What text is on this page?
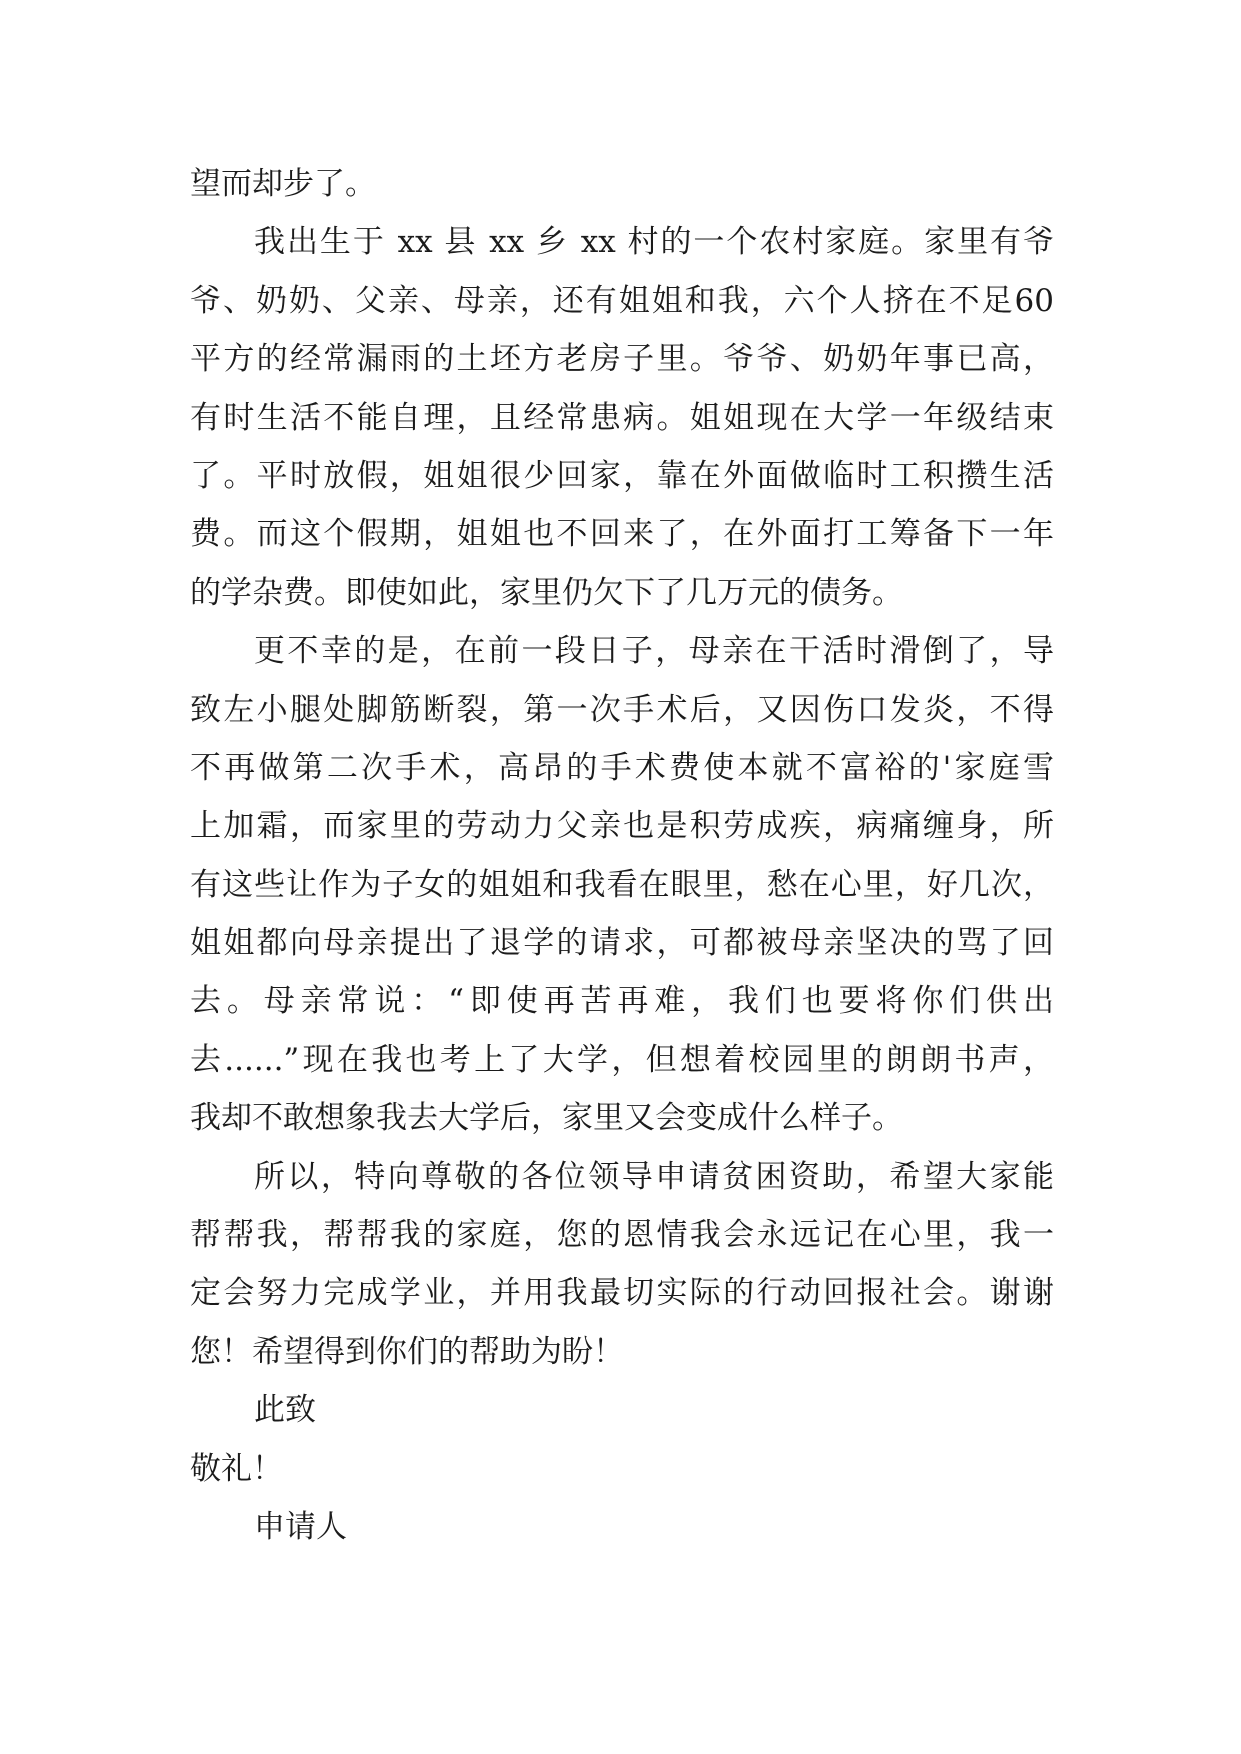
望而却步了。
我出生于 xx 县 xx 乡 xx 村的一个农村家庭。家里有爷
爷、奶奶、父亲、母亲，还有姐姐和我，六个人挤在不足60
平方的经常漏雨的土坯方老房子里。爷爷、奶奶年事已高，
有时生活不能自理，且经常患病。姐姐现在大学一年级结束
了。平时放假，姐姐很少回家，靠在外面做临时工积攒生活
费。而这个假期，姐姐也不回来了，在外面打工筹备下一年
的学杂费。即使如此，家里仍欠下了几万元的债务。
更不幸的是，在前一段日子，母亲在干活时滑倒了，导
致左小腿处脚筋断裂，第一次手术后，又因伤口发炎，不得
不再做第二次手术，高昂的手术费使本就不富裕的'家庭雪
上加霜，而家里的劳动力父亲也是积劳成疾，病痛缠身，所
有这些让作为子女的姐姐和我看在眼里，愁在心里，好几次，
姐姐都向母亲提出了退学的请求，可都被母亲坚决的骂了回
去。母亲常说：“即使再苦再难，我们也要将你们供出
去......”现在我也考上了大学，但想着校园里的朗朗书声，
我却不敢想象我去大学后，家里又会变成什么样子。
所以，特向尊敬的各位领导申请贫困资助，希望大家能
帮帮我，帮帮我的家庭，您的恩情我会永远记在心里，我一
定会努力完成学业，并用我最切实际的行动回报社会。谢谢
您！希望得到你们的帮助为盼！
此致
敬礼！
申请人
